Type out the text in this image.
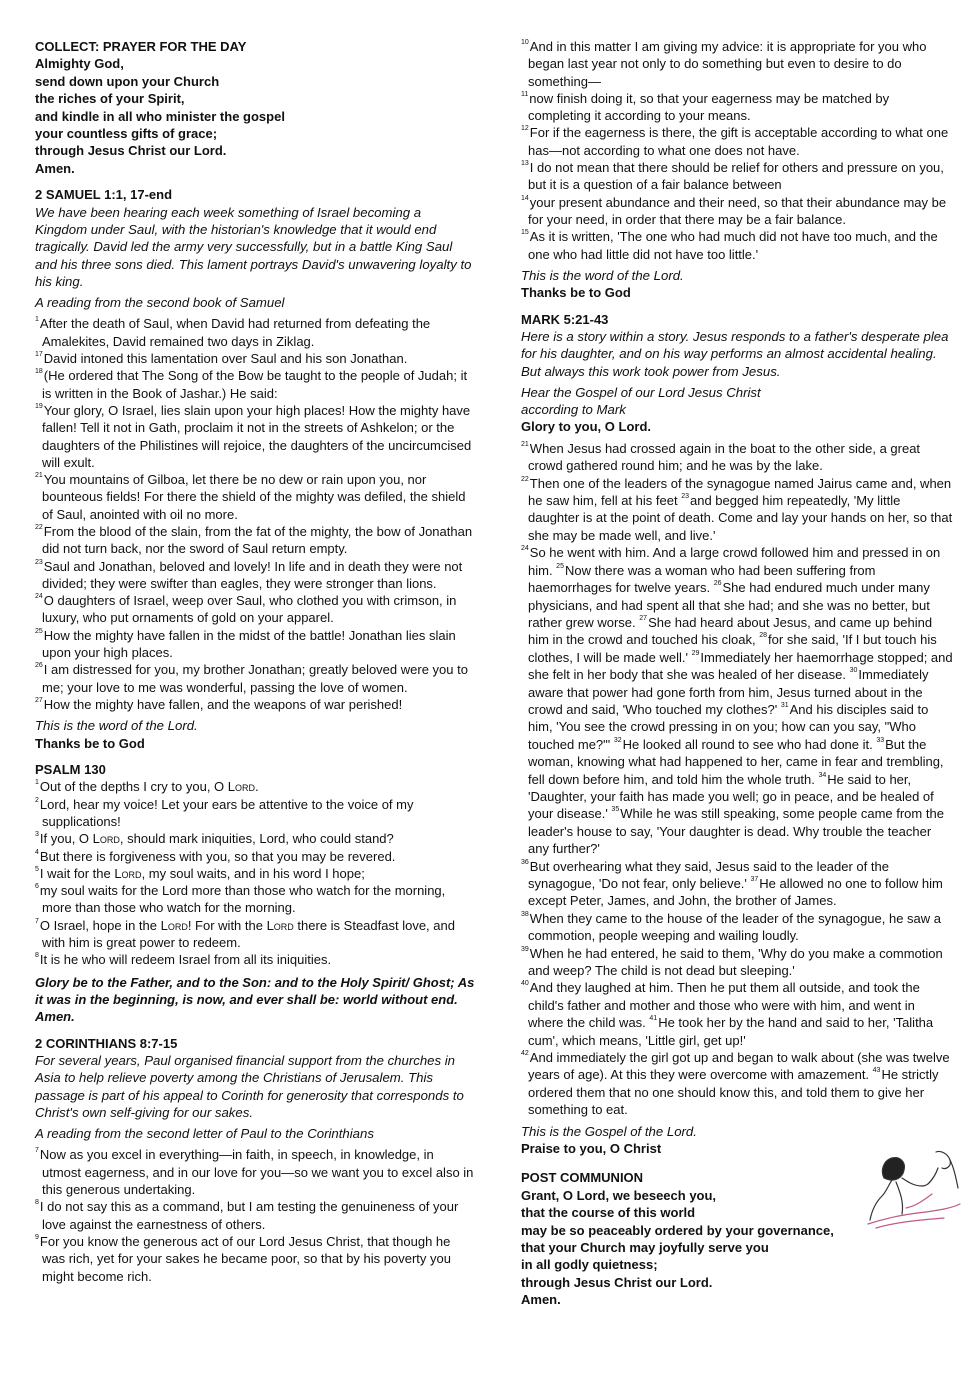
COLLECT: PRAYER FOR THE DAY
Almighty God,
send down upon your Church
the riches of your Spirit,
and kindle in all who minister the gospel
your countless gifts of grace;
through Jesus Christ our Lord.
Amen.
2 SAMUEL 1:1, 17-end
We have been hearing each week something of Israel becoming a Kingdom under Saul, with the historian's knowledge that it would end tragically. David led the army very successfully, but in a battle King Saul and his three sons died. This lament portrays David's unwavering loyalty to his king.
A reading from the second book of Samuel
$^1$After the death of Saul, when David had returned from defeating the Amalekites, David remained two days in Ziklag.
$^{17}$David intoned this lamentation over Saul and his son Jonathan.
$^{18}$(He ordered that The Song of the Bow be taught to the people of Judah; it is written in the Book of Jashar.) He said:
$^{19}$Your glory, O Israel, lies slain upon your high places! How the mighty have fallen! Tell it not in Gath, proclaim it not in the streets of Ashkelon; or the daughters of the Philistines will rejoice, the daughters of the uncircumcised will exult.
$^{21}$You mountains of Gilboa, let there be no dew or rain upon you, nor bounteous fields! For there the shield of the mighty was defiled, the shield of Saul, anointed with oil no more.
$^{22}$From the blood of the slain, from the fat of the mighty, the bow of Jonathan did not turn back, nor the sword of Saul return empty.
$^{23}$Saul and Jonathan, beloved and lovely! In life and in death they were not divided; they were swifter than eagles, they were stronger than lions.
$^{24}$O daughters of Israel, weep over Saul, who clothed you with crimson, in luxury, who put ornaments of gold on your apparel.
$^{25}$How the mighty have fallen in the midst of the battle! Jonathan lies slain upon your high places.
$^{26}$I am distressed for you, my brother Jonathan; greatly beloved were you to me; your love to me was wonderful, passing the love of women.
$^{27}$How the mighty have fallen, and the weapons of war perished!
This is the word of the Lord.
Thanks be to God
PSALM 130
$^1$Out of the depths I cry to you, O Lord.
$^2$Lord, hear my voice! Let your ears be attentive to the voice of my supplications!
$^3$If you, O Lord, should mark iniquities, Lord, who could stand?
$^4$But there is forgiveness with you, so that you may be revered.
$^5$I wait for the Lord, my soul waits, and in his word I hope;
$^6$my soul waits for the Lord more than those who watch for the morning, more than those who watch for the morning.
$^7$O Israel, hope in the Lord! For with the Lord there is Steadfast love, and with him is great power to redeem.
$^8$It is he who will redeem Israel from all its iniquities.
Glory be to the Father, and to the Son: and to the Holy Spirit/ Ghost; As it was in the beginning, is now, and ever shall be: world without end. Amen.
2 CORINTHIANS 8:7-15
For several years, Paul organised financial support from the churches in Asia to help relieve poverty among the Christians of Jerusalem. This passage is part of his appeal to Corinth for generosity that corresponds to Christ's own self-giving for our sakes.
A reading from the second letter of Paul to the Corinthians
$^7$Now as you excel in everything—in faith, in speech, in knowledge, in utmost eagerness, and in our love for you—so we want you to excel also in this generous undertaking.
$^8$I do not say this as a command, but I am testing the genuineness of your love against the earnestness of others.
$^9$For you know the generous act of our Lord Jesus Christ, that though he was rich, yet for your sakes he became poor, so that by his poverty you might become rich.
$^{10}$And in this matter I am giving my advice: it is appropriate for you who began last year not only to do something but even to desire to do something—
$^{11}$now finish doing it, so that your eagerness may be matched by completing it according to your means.
$^{12}$For if the eagerness is there, the gift is acceptable according to what one has—not according to what one does not have.
$^{13}$I do not mean that there should be relief for others and pressure on you, but it is a question of a fair balance between
$^{14}$your present abundance and their need, so that their abundance may be for your need, in order that there may be a fair balance.
$^{15}$As it is written, 'The one who had much did not have too much, and the one who had little did not have too little.'
This is the word of the Lord.
Thanks be to God
MARK 5:21-43
Here is a story within a story. Jesus responds to a father's desperate plea for his daughter, and on his way performs an almost accidental healing. But always this work took power from Jesus.
Hear the Gospel of our Lord Jesus Christ
according to Mark
Glory to you, O Lord.
$^{21}$When Jesus had crossed again in the boat to the other side, a great crowd gathered round him; and he was by the lake.
$^{22}$Then one of the leaders of the synagogue named Jairus came and, when he saw him, fell at his feet $^{23}$and begged him repeatedly, 'My little daughter is at the point of death. Come and lay your hands on her, so that she may be made well, and live.'
$^{24}$So he went with him. And a large crowd followed him and pressed in on him. $^{25}$Now there was a woman who had been suffering from haemorrhages for twelve years. $^{26}$She had endured much under many physicians, and had spent all that she had; and she was no better, but rather grew worse. $^{27}$She had heard about Jesus, and came up behind him in the crowd and touched his cloak, $^{28}$for she said, 'If I but touch his clothes, I will be made well.' $^{29}$Immediately her haemorrhage stopped; and she felt in her body that she was healed of her disease. $^{30}$Immediately aware that power had gone forth from him, Jesus turned about in the crowd and said, 'Who touched my clothes?' $^{31}$And his disciples said to him, 'You see the crowd pressing in on you; how can you say, "Who touched me?"' $^{32}$He looked all round to see who had done it. $^{33}$But the woman, knowing what had happened to her, came in fear and trembling, fell down before him, and told him the whole truth. $^{34}$He said to her, 'Daughter, your faith has made you well; go in peace, and be healed of your disease.' $^{35}$While he was still speaking, some people came from the leader's house to say, 'Your daughter is dead. Why trouble the teacher any further?'
$^{36}$But overhearing what they said, Jesus said to the leader of the synagogue, 'Do not fear, only believe.' $^{37}$He allowed no one to follow him except Peter, James, and John, the brother of James.
$^{38}$When they came to the house of the leader of the synagogue, he saw a commotion, people weeping and wailing loudly.
$^{39}$When he had entered, he said to them, 'Why do you make a commotion and weep? The child is not dead but sleeping.'
$^{40}$And they laughed at him. Then he put them all outside, and took the child's father and mother and those who were with him, and went in where the child was. $^{41}$He took her by the hand and said to her, 'Talitha cum', which means, 'Little girl, get up!'
$^{42}$And immediately the girl got up and began to walk about (she was twelve years of age). At this they were overcome with amazement. $^{43}$He strictly ordered them that no one should know this, and told them to give her something to eat.
This is the Gospel of the Lord.
Praise to you, O Christ
POST COMMUNION
Grant, O Lord, we beseech you,
that the course of this world
may be so peaceably ordered by your governance,
that your Church may joyfully serve you
in all godly quietness;
through Jesus Christ our Lord.
Amen.
